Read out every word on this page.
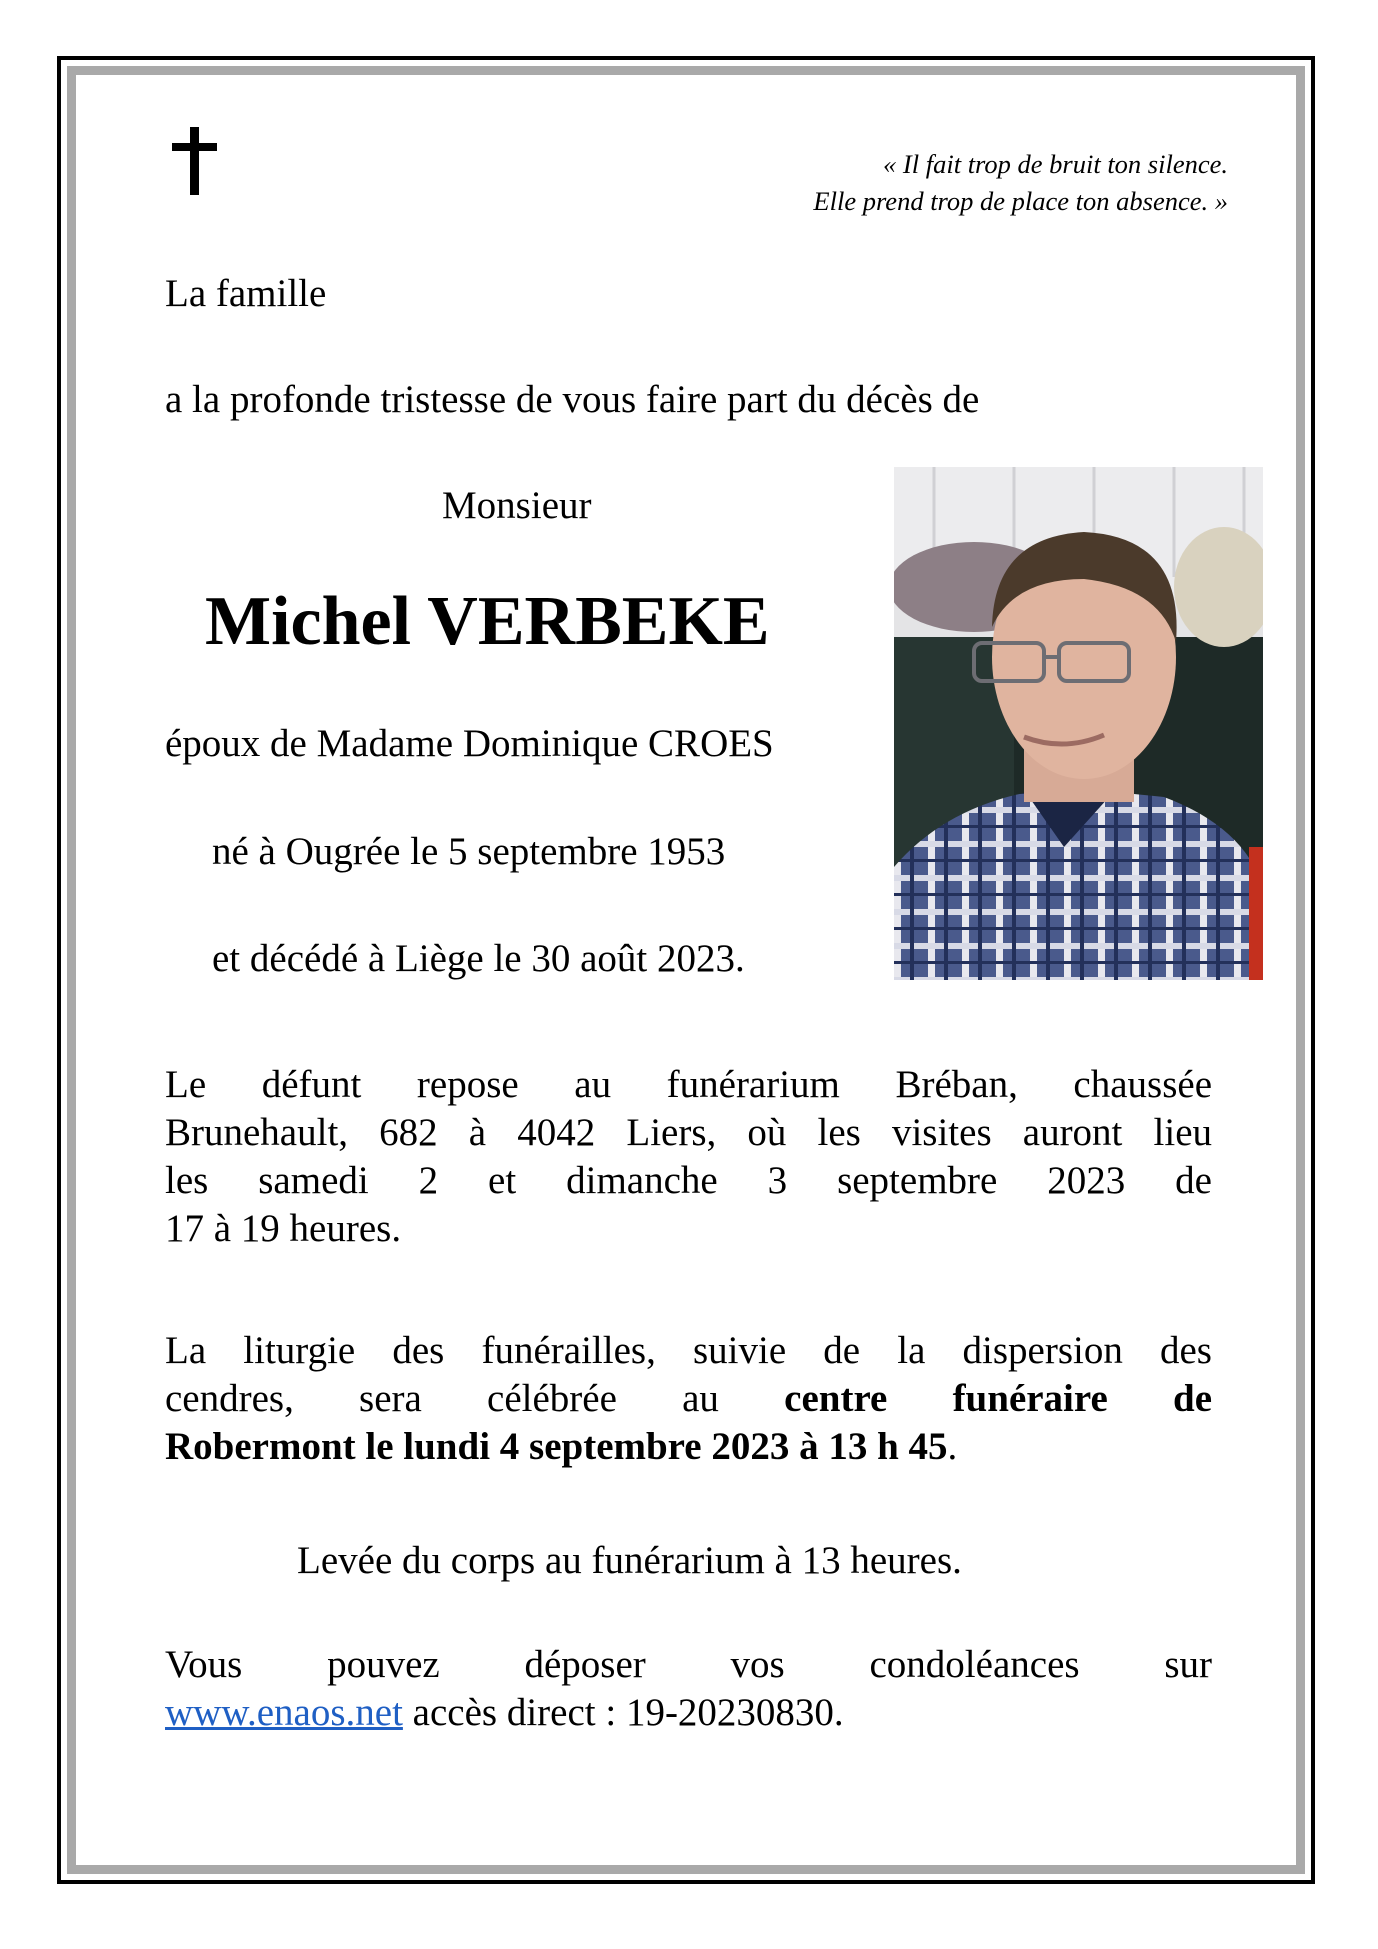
« Il fait trop de bruit ton silence.
Elle prend trop de place ton absence. »
La famille
a la profonde tristesse de vous faire part du décès de
Monsieur
Michel VERBEKE
époux de Madame Dominique CROES
né à Ougrée le 5 septembre 1953
et décédé à Liège le 30 août 2023.
Le défunt repose au funérarium Bréban, chaussée
Brunehault, 682 à 4042 Liers, où les visites auront lieu
les samedi 2 et dimanche 3 septembre 2023 de
17 à 19 heures.
La liturgie des funérailles, suivie de la dispersion des
cendres, sera célébrée au centre funéraire de
Robermont le lundi 4 septembre 2023 à 13 h 45.
Levée du corps au funérarium à 13 heures.
Vous pouvez déposer vos condoléances sur
www.enaos.net accès direct : 19-20230830.
